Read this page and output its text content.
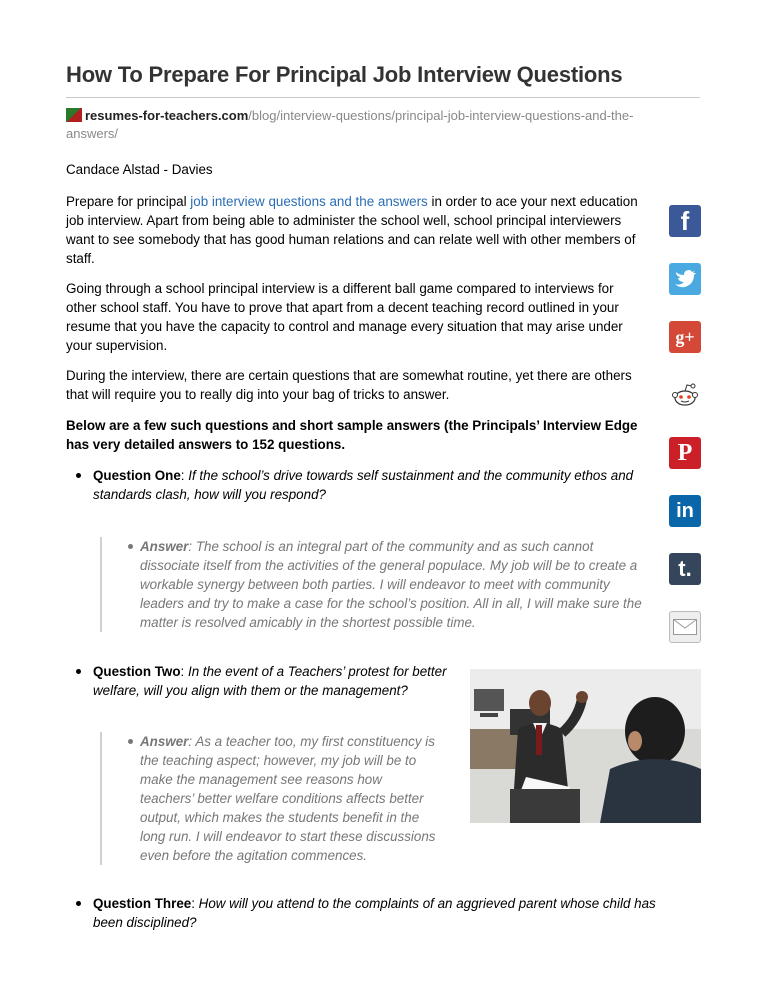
How To Prepare For Principal Job Interview Questions
resumes-for-teachers.com/blog/interview-questions/principal-job-interview-questions-and-the-answers/
Candace Alstad - Davies

Prepare for principal job interview questions and the answers in order to ace your next education job interview. Apart from being able to administer the school well, school principal interviewers want to see somebody that has good human relations and can relate well with other members of staff.

Going through a school principal interview is a different ball game compared to interviews for other school staff. You have to prove that apart from a decent teaching record outlined in your resume that you have the capacity to control and manage every situation that may arise under your supervision.
During the interview, there are certain questions that are somewhat routine, yet there are others that will require you to really dig into your bag of tricks to answer.
Below are a few such questions and short sample answers (the Principals’ Interview Edge has very detailed answers to 152 questions.
Question One: If the school’s drive towards self sustainment and the community ethos and standards clash, how will you respond?
Answer: The school is an integral part of the community and as such cannot dissociate itself from the activities of the general populace. My job will be to create a workable synergy between both parties. I will endeavor to meet with community leaders and try to make a case for the school’s position. All in all, I will make sure the matter is resolved amicably in the shortest possible time.
Question Two: In the event of a Teachers’ protest for better welfare, will you align with them or the management?
Answer: As a teacher too, my first constituency is the teaching aspect; however, my job will be to make the management see reasons how teachers’ better welfare conditions affects better output, which makes the students benefit in the long run. I will endeavor to start these discussions even before the agitation commences.
Question Three: How will you attend to the complaints of an aggrieved parent whose child has been disciplined?
f
g+
P
in
t.
